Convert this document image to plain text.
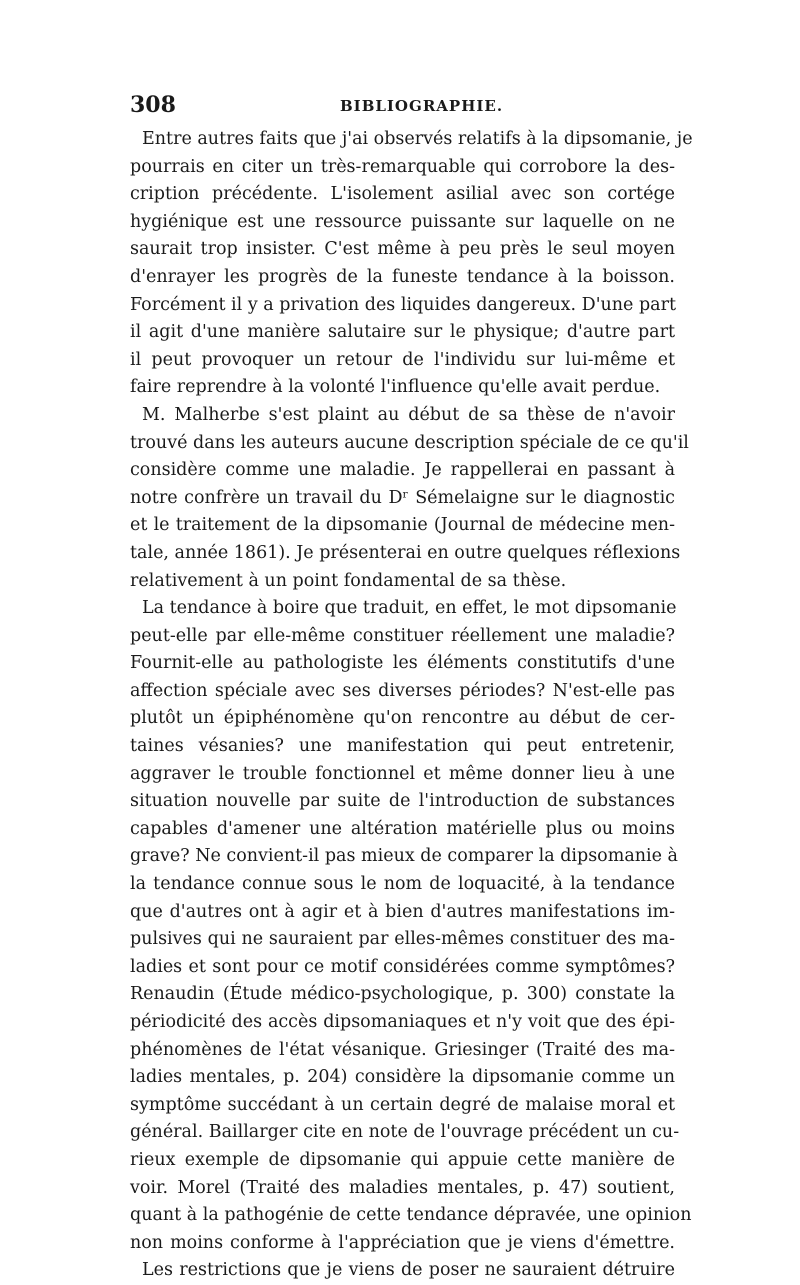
308	BIBLIOGRAPHIE.
Entre autres faits que j'ai observés relatifs à la dipsomanie, je
pourrais en citer un très-remarquable qui corrobore la des-
cription précédente. L'isolement asilial avec son cortége
hygiénique est une ressource puissante sur laquelle on ne
saurait trop insister. C'est même à peu près le seul moyen
d'enrayer les progrès de la funeste tendance à la boisson.
Forcément il y a privation des liquides dangereux. D'une part
il agit d'une manière salutaire sur le physique; d'autre part
il peut provoquer un retour de l'individu sur lui-même et
faire reprendre à la volonté l'influence qu'elle avait perdue.
M. Malherbe s'est plaint au début de sa thèse de n'avoir
trouvé dans les auteurs aucune description spéciale de ce qu'il
considère comme une maladie. Je rappellerai en passant à
notre confrère un travail du Dʳ Sémelaigne sur le diagnostic
et le traitement de la dipsomanie (Journal de médecine men-
tale, année 1861). Je présenterai en outre quelques réflexions
relativement à un point fondamental de sa thèse.
La tendance à boire que traduit, en effet, le mot dipsomanie
peut-elle par elle-même constituer réellement une maladie?
Fournit-elle au pathologiste les éléments constitutifs d'une
affection spéciale avec ses diverses périodes? N'est-elle pas
plutôt un épiphénomène qu'on rencontre au début de cer-
taines vésanies? une manifestation qui peut entretenir,
aggraver le trouble fonctionnel et même donner lieu à une
situation nouvelle par suite de l'introduction de substances
capables d'amener une altération matérielle plus ou moins
grave? Ne convient-il pas mieux de comparer la dipsomanie à
la tendance connue sous le nom de loquacité, à la tendance
que d'autres ont à agir et à bien d'autres manifestations im-
pulsives qui ne sauraient par elles-mêmes constituer des ma-
ladies et sont pour ce motif considérées comme symptômes?
Renaudin (Étude médico-psychologique, p. 300) constate la
périodicité des accès dipsomaniaques et n'y voit que des épi-
phénomènes de l'état vésanique. Griesinger (Traité des ma-
ladies mentales, p. 204) considère la dipsomanie comme un
symptôme succédant à un certain degré de malaise moral et
général. Baillarger cite en note de l'ouvrage précédent un cu-
rieux exemple de dipsomanie qui appuie cette manière de
voir. Morel (Traité des maladies mentales, p. 47) soutient,
quant à la pathogénie de cette tendance dépravée, une opinion
non moins conforme à l'appréciation que je viens d'émettre.
Les restrictions que je viens de poser ne sauraient détruire
